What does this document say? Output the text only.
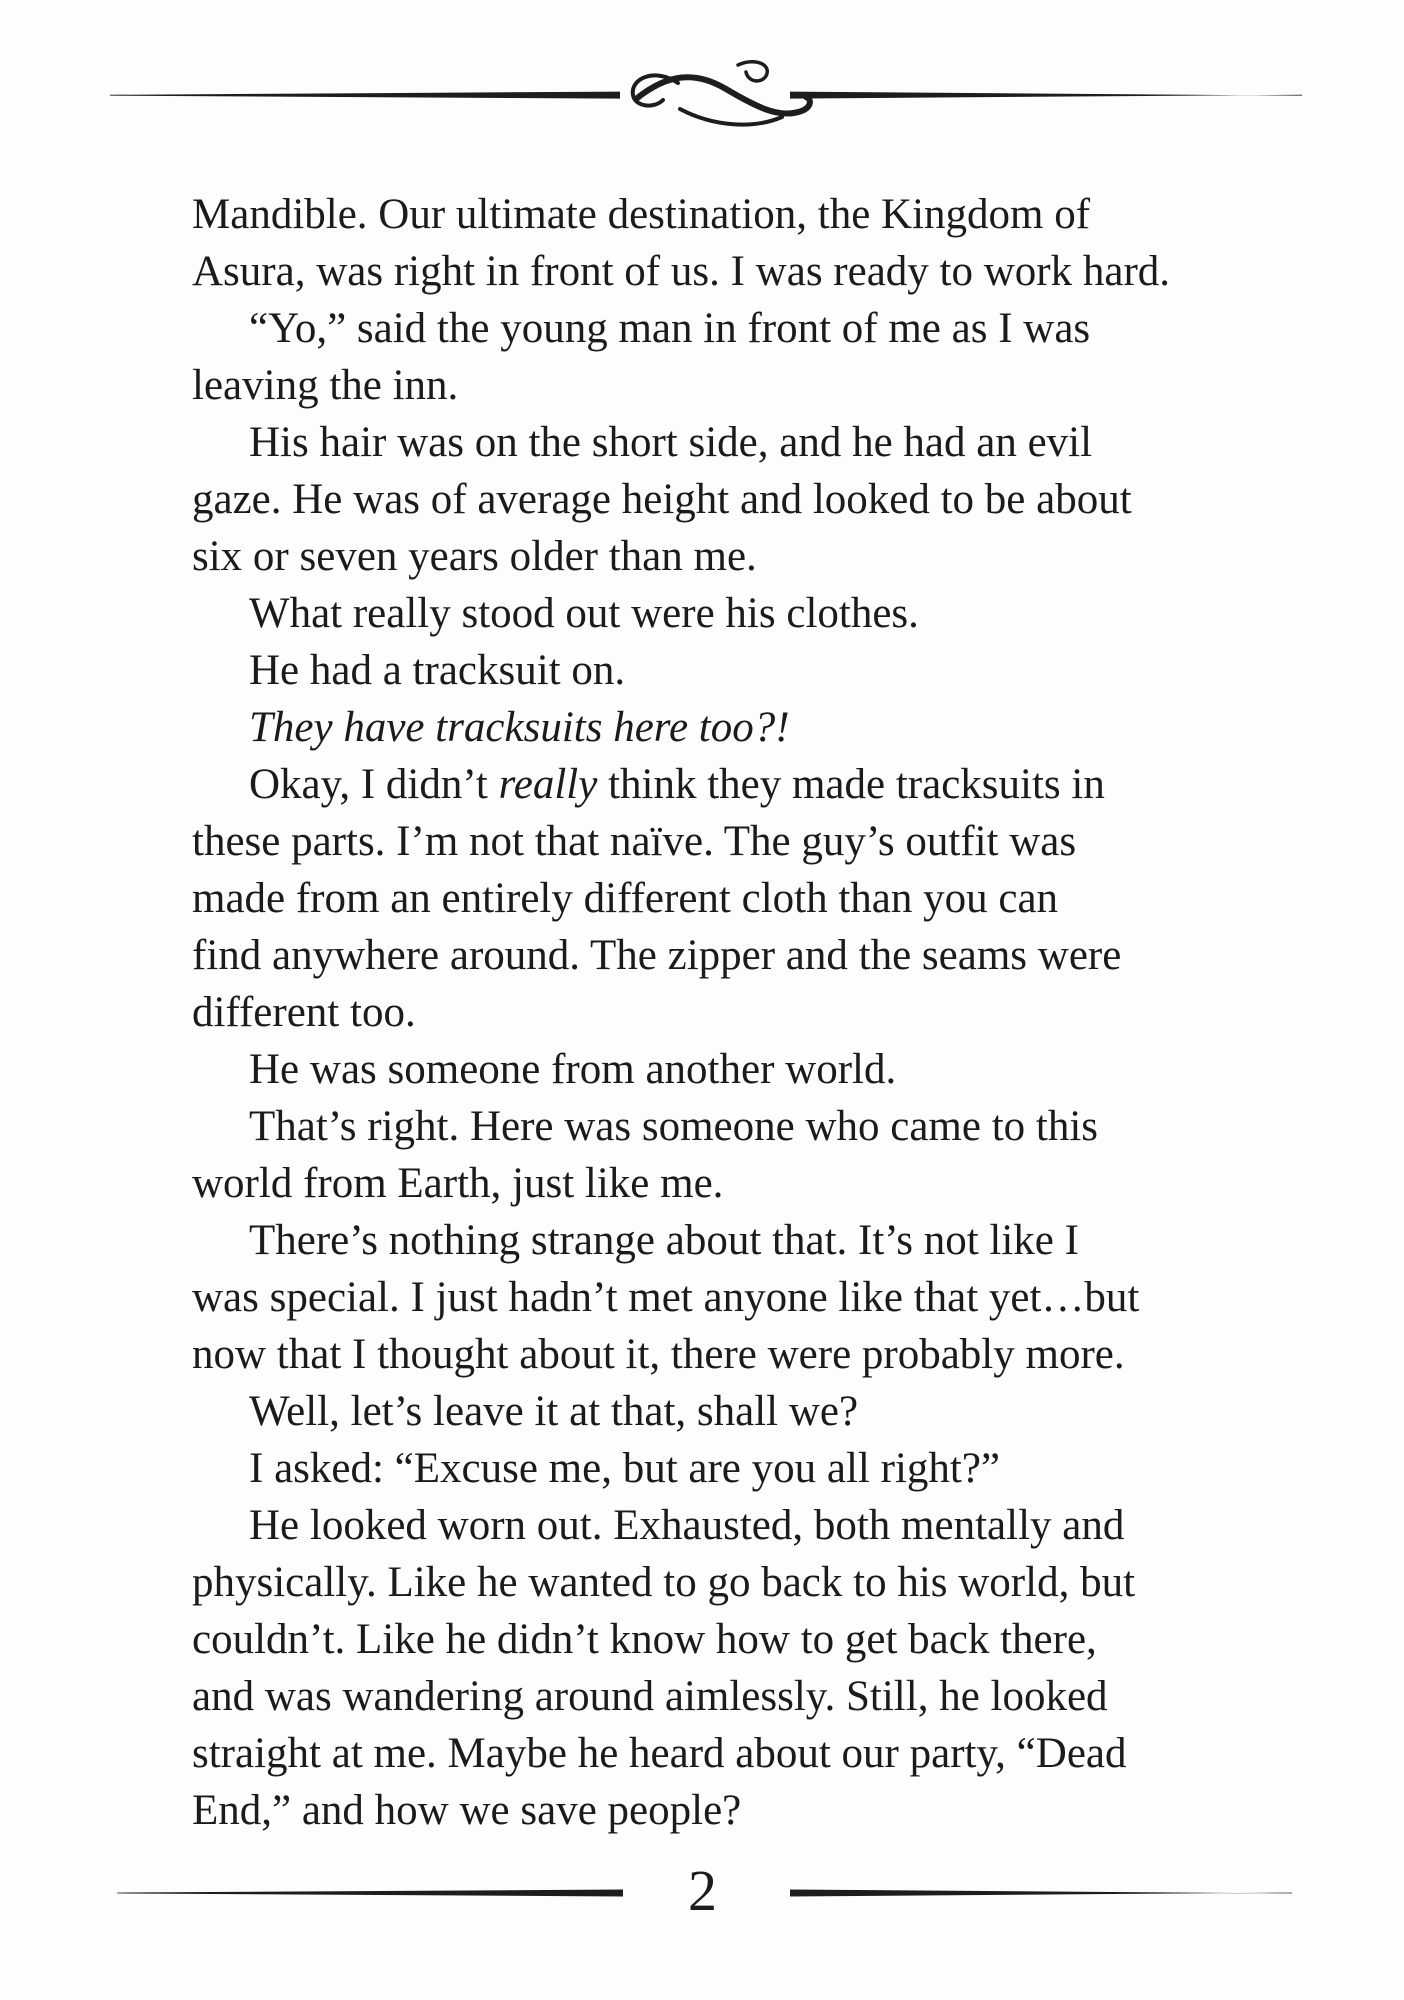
Mandible. Our ultimate destination, the Kingdom of
Asura, was right in front of us. I was ready to work hard.
“Yo,” said the young man in front of me as I was
leaving the inn.
His hair was on the short side, and he had an evil
gaze. He was of average height and looked to be about
six or seven years older than me.
What really stood out were his clothes.
He had a tracksuit on.
They have tracksuits here too?!
Okay, I didn’t really think they made tracksuits in
these parts. I’m not that naïve. The guy’s outfit was
made from an entirely different cloth than you can
find anywhere around. The zipper and the seams were
different too.
He was someone from another world.
That’s right. Here was someone who came to this
world from Earth, just like me.
There’s nothing strange about that. It’s not like I
was special. I just hadn’t met anyone like that yet…but
now that I thought about it, there were probably more.
Well, let’s leave it at that, shall we?
I asked: “Excuse me, but are you all right?”
He looked worn out. Exhausted, both mentally and
physically. Like he wanted to go back to his world, but
couldn’t. Like he didn’t know how to get back there,
and was wandering around aimlessly. Still, he looked
straight at me. Maybe he heard about our party, “Dead
End,” and how we save people?
2
